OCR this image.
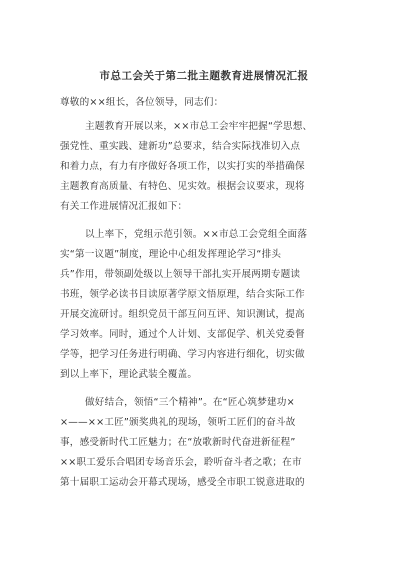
市总工会关于第二批主题教育进展情况汇报
尊敬的××组长，各位领导，同志们：
主题教育开展以来，××市总工会牢牢把握“学思想、
强党性、重实践、建新功”总要求，结合实际找准切入点
和着力点，有力有序做好各项工作，以实打实的举措确保
主题教育高质量、有特色、见实效。根据会议要求，现将
有关工作进展情况汇报如下：
以上率下，党组示范引领。××市总工会党组全面落
实“第一议题”制度，理论中心组发挥理论学习“排头
兵”作用，带领副处级以上领导干部扎实开展两期专题读
书班，领学必读书目读原著学原文悟原理，结合实际工作
开展交流研讨。组织党员干部互问互评、知识测试，提高
学习效率。同时，通过个人计划、支部促学、机关党委督
学等，把学习任务进行明确、学习内容进行细化，切实做
到以上率下，理论武装全覆盖。
做好结合，领悟“三个精神”。在“匠心筑梦建功×
×——××工匠”颁奖典礼的现场，领听工匠们的奋斗故
事，感受新时代工匠魅力；在“放歌新时代奋进新征程”
××职工爱乐合唱团专场音乐会，聆听奋斗者之歌；在市
第十届职工运动会开幕式现场，感受全市职工锐意进取的
